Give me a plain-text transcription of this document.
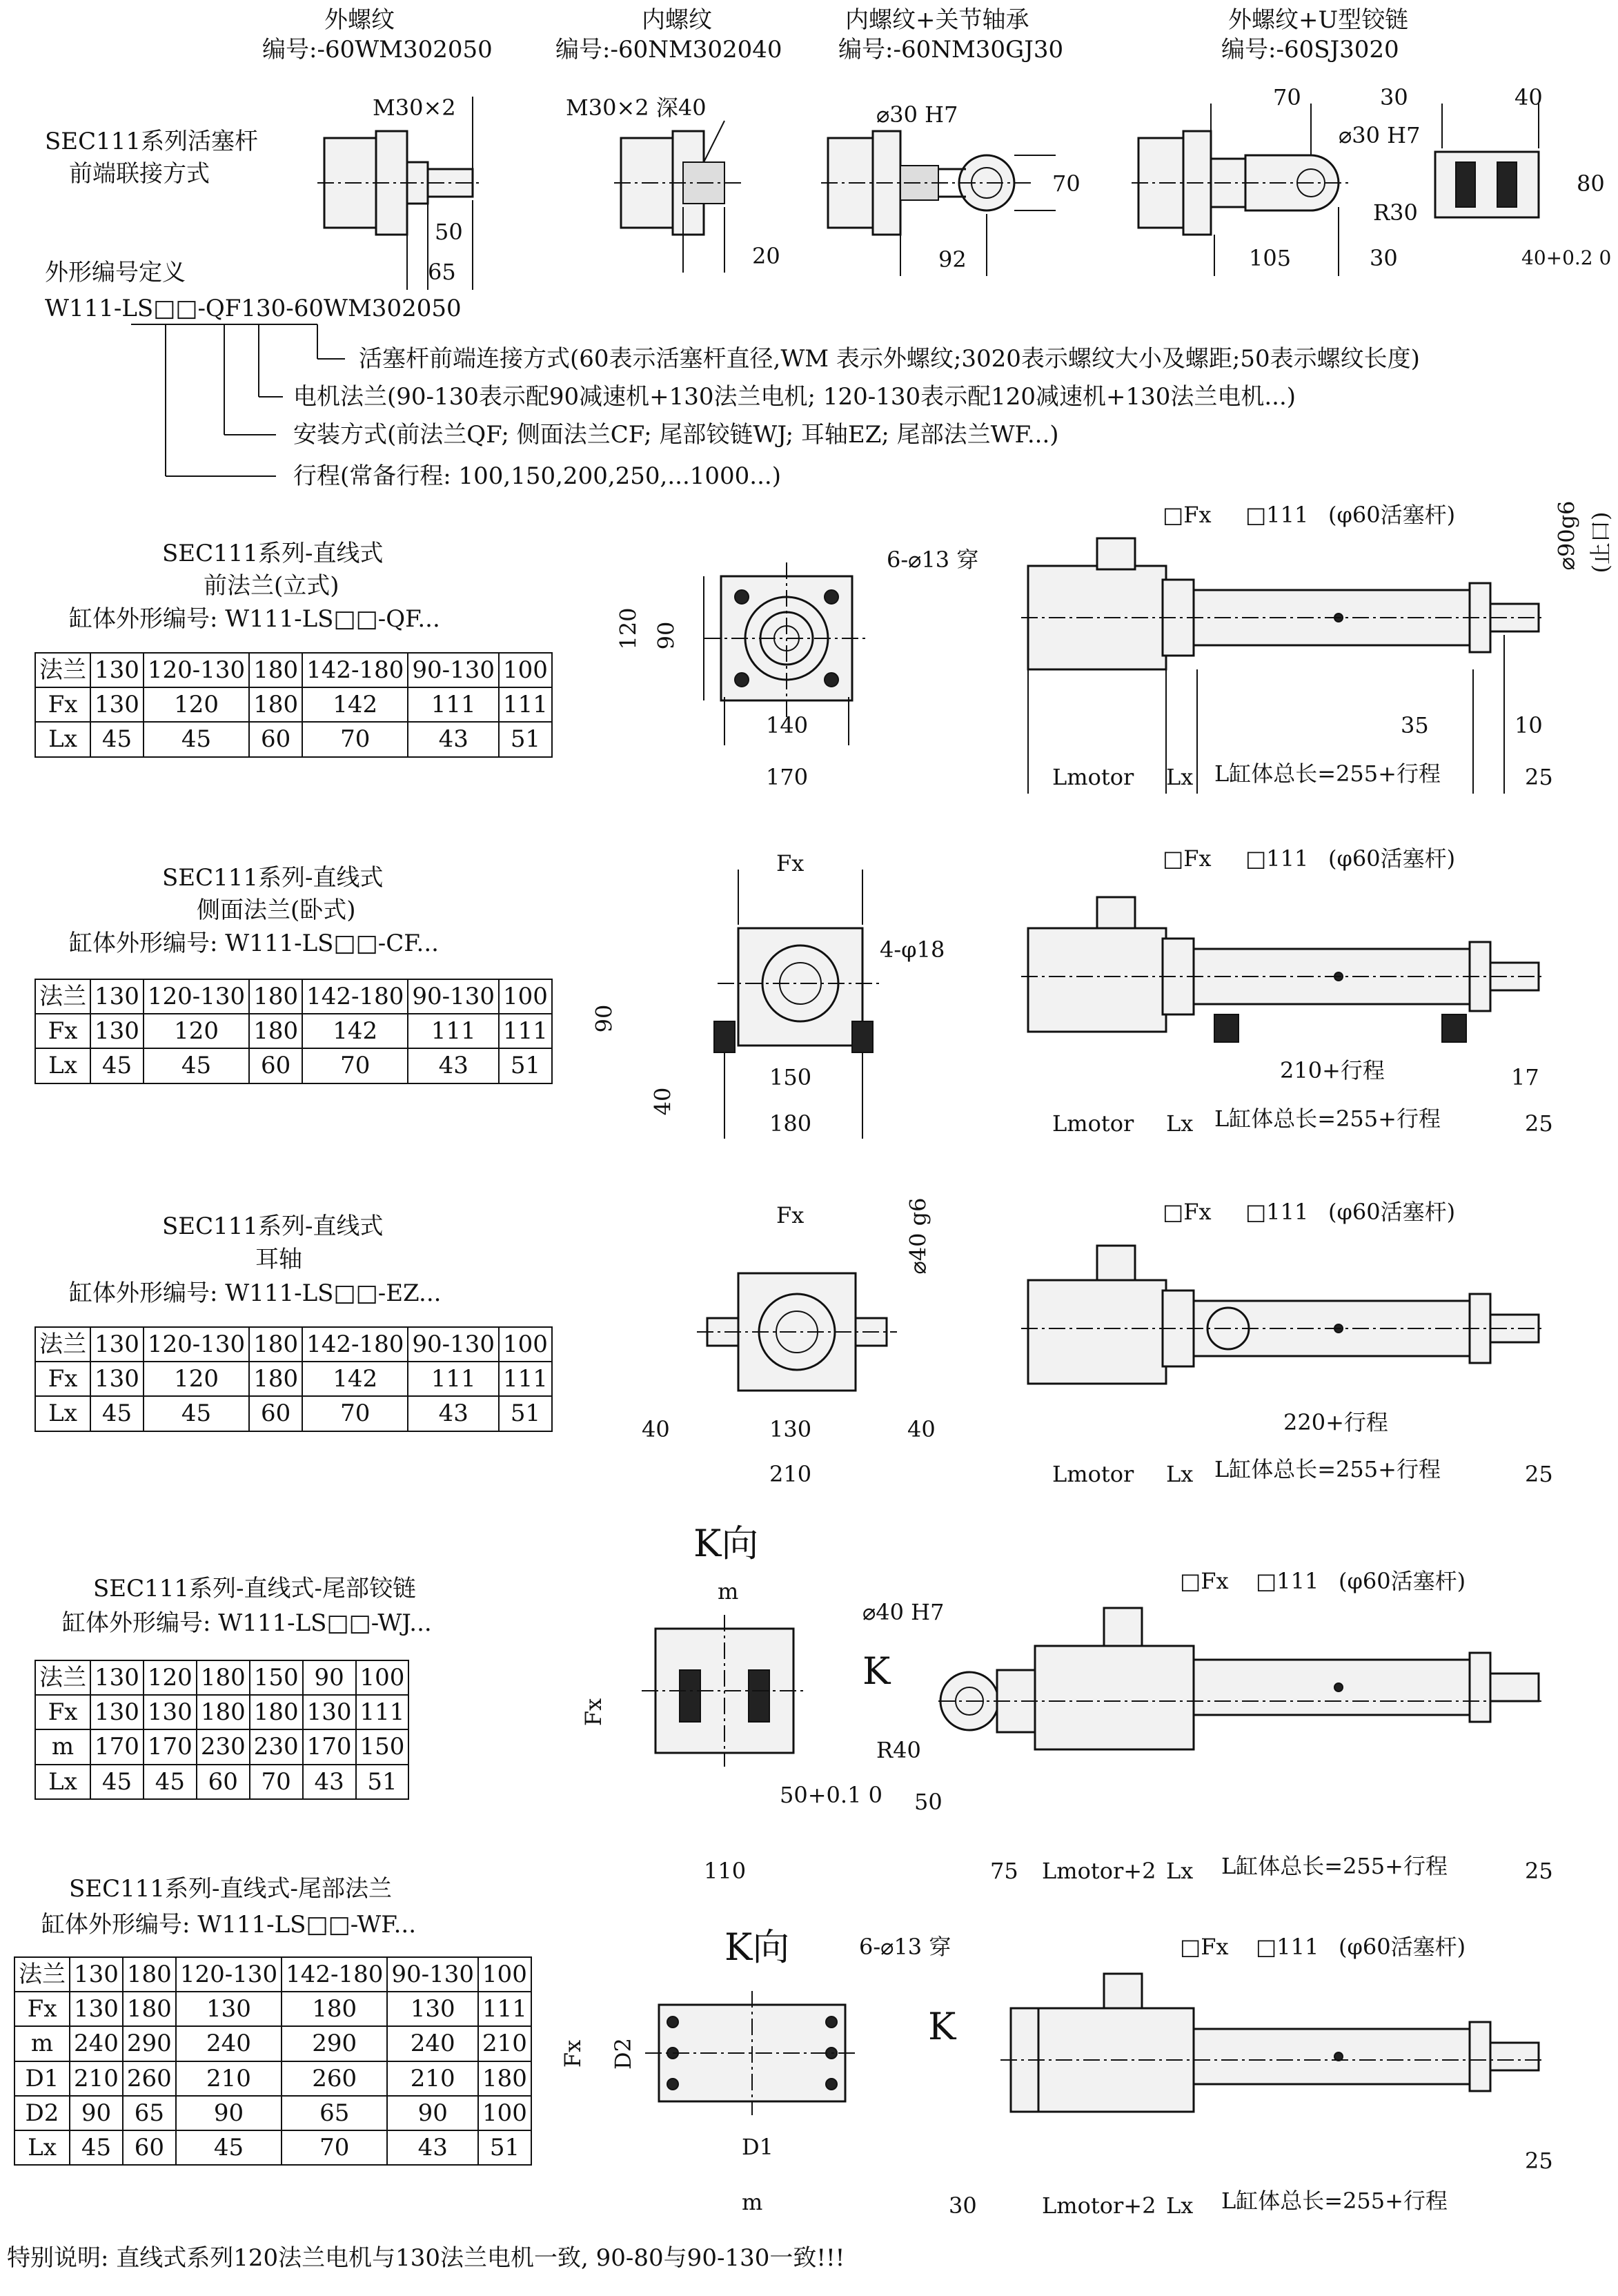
外螺纹
编号:-60WM302050
内螺纹
编号:-60NM302040
内螺纹+关节轴承
编号:-60NM30GJ30
外螺纹+U型铰链
编号:-60SJ3020
SEC111系列活塞杆
前端联接方式
M30×2
50
65
M30×2 深40
20
⌀30 H7
70
92
70	30	40
⌀30 H7
80
R30
105	30	40+0.2 0
外形编号定义
W111-LS□□-QF130-60WM302050
活塞杆前端连接方式(60表示活塞杆直径,WM 表示外螺纹;3020表示螺纹大小及螺距;50表示螺纹长度)
电机法兰(90-130表示配90减速机+130法兰电机; 120-130表示配120减速机+130法兰电机...)
安装方式(前法兰QF; 侧面法兰CF; 尾部铰链WJ; 耳轴EZ; 尾部法兰WF...)
行程(常备行程: 100,150,200,250,...1000...)
SEC111系列-直线式
前法兰(立式)
缸体外形编号: W111-LS□□-QF...
法兰	130	120-130	180	142-180	90-130	100
Fx	130	120	180	142	111	111
Lx	45	45	60	70	43	51
6-⌀13 穿
120 90
140
170
□Fx □111 (φ60活塞杆)	⌀90g6 (止口)
35	10
25
Lmotor Lx L缸体总长=255+行程
SEC111系列-直线式
侧面法兰(卧式)
缸体外形编号: W111-LS□□-CF...
法兰	130	120-130	180	142-180	90-130	100
Fx	130	120	180	142	111	111
Lx	45	45	60	70	43	51
Fx
4-φ18
90
40
150
180
□Fx □111 (φ60活塞杆)
210+行程	17
25
Lmotor Lx L缸体总长=255+行程
SEC111系列-直线式
耳轴
缸体外形编号: W111-LS□□-EZ...
法兰	130	120-130	180	142-180	90-130	100
Fx	130	120	180	142	111	111
Lx	45	45	60	70	43	51
Fx	⌀40 g6
40	130	40
210
□Fx □111 (φ60活塞杆)
220+行程
25
Lmotor Lx L缸体总长=255+行程
SEC111系列-直线式-尾部铰链
缸体外形编号: W111-LS□□-WJ...
法兰	130	120	180	150	90	100
Fx	130	130	180	180	130	111
m	170	170	230	230	170	150
Lx	45	45	60	70	43	51
K向
m
Fx
50+0.1 0
110
K
⌀40 H7
R40
50
75
□Fx □111 (φ60活塞杆)
25
Lmotor+2 Lx L缸体总长=255+行程
SEC111系列-直线式-尾部法兰
缸体外形编号: W111-LS□□-WF...
法兰	130	180	120-130	142-180	90-130	100
Fx	130	180	130	180	130	111
m	240	290	240	290	240	210
D1	210	260	210	260	210	180
D2	90	65	90	65	90	100
Lx	45	60	45	70	43	51
K向	6-⌀13 穿
Fx D2
D1
m
K
□Fx □111 (φ60活塞杆)
25
30	Lmotor+2 Lx L缸体总长=255+行程
特别说明: 直线式系列120法兰电机与130法兰电机一致, 90-80与90-130一致!!!
